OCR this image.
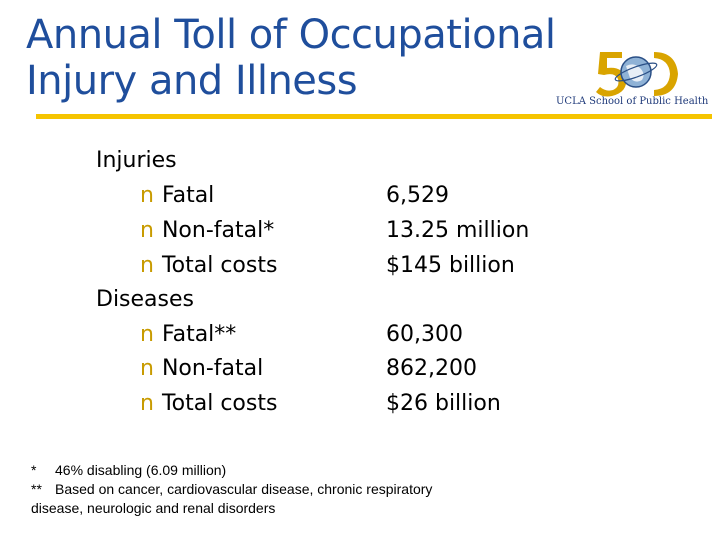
Annual Toll of Occupational
Injury and Illness	UCLA School of Public Health
Injuries
n Fatal	6,529
n Non-fatal*	13.25 million
n Total costs	$145 billion
Diseases
n Fatal**	60,300
n Non-fatal	862,200
n Total costs	$26 billion
* 46% disabling (6.09 million)
** Based on cancer, cardiovascular disease, chronic respiratory
disease, neurologic and renal disorders
